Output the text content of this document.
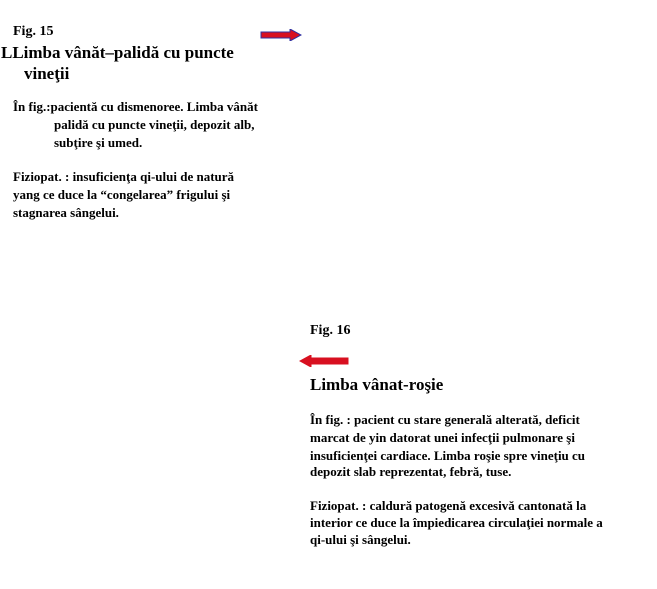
Fig. 15
LLimba vânăt–palidă cu puncte
vineţii
În fig.:pacientă cu dismenoree. Limba vânăt
palidă cu puncte vineţii, depozit alb,
subţire şi umed.
Fiziopat. : insuficienţa qi-ului de natură
yang ce duce la “congelarea” frigului şi
stagnarea sângelui.
Fig. 16
Limba vânat-roşie
În fig. : pacient cu stare generală alterată, deficit
marcat de yin datorat unei infecţii pulmonare şi
insuficienţei cardiace. Limba roşie spre vineţiu cu
depozit slab reprezentat, febră, tuse.
Fiziopat. : caldură patogenă excesivă cantonată la
interior ce duce la împiedicarea circulaţiei normale a
qi-ului şi sângelui.
